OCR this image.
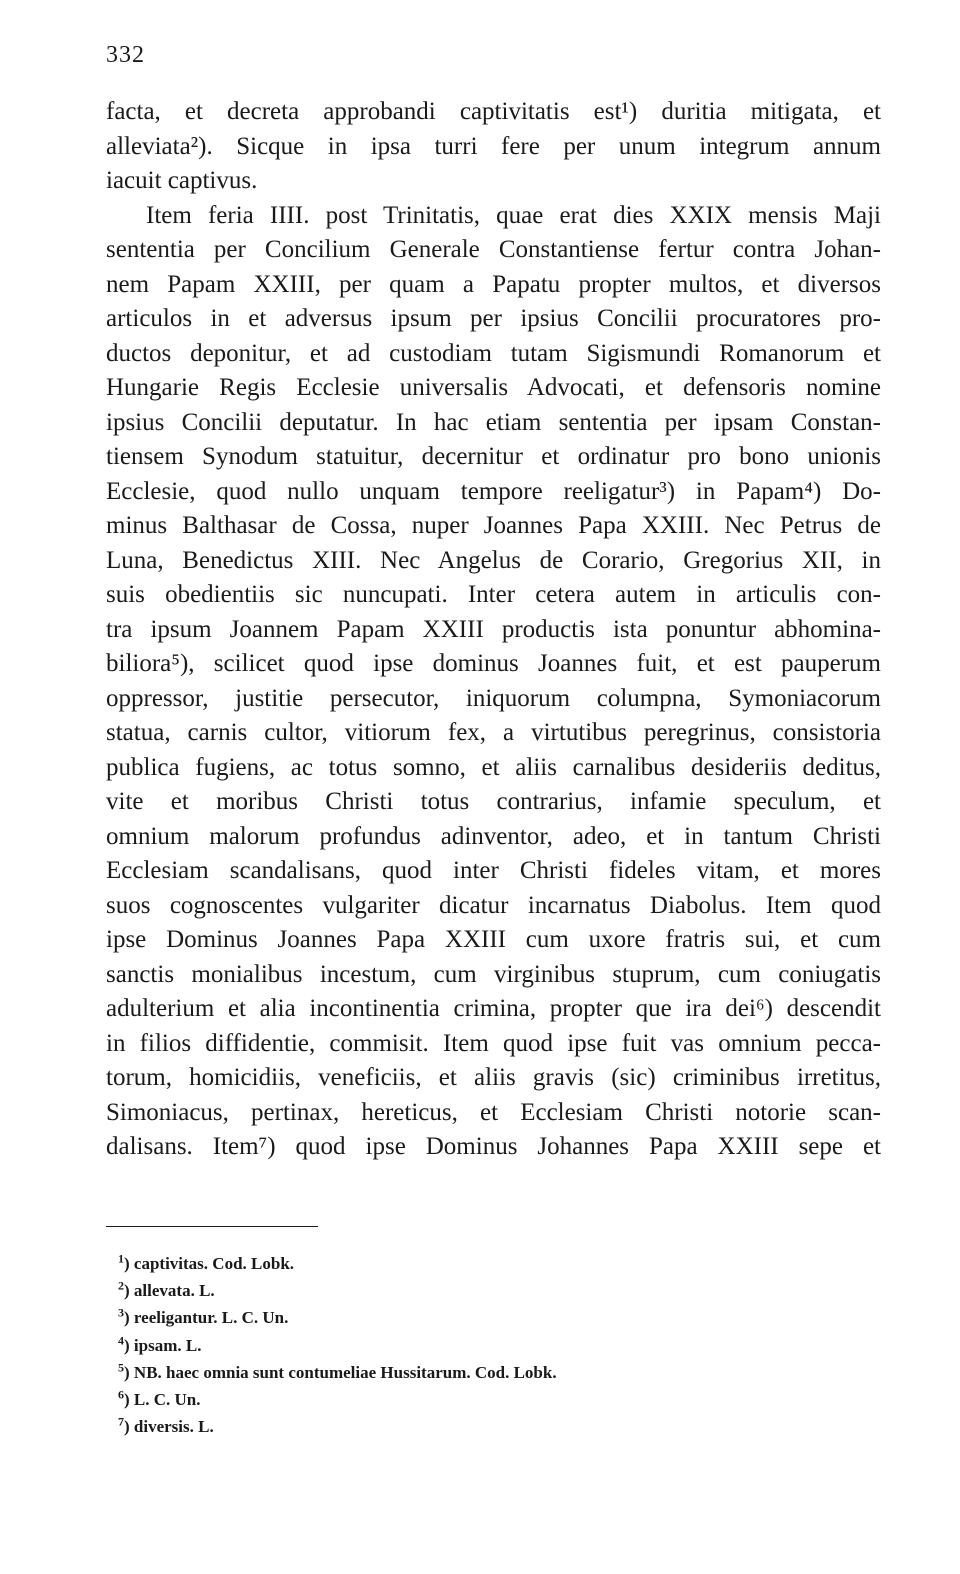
332
facta, et decreta approbandi captivitatis est¹) duritia mitigata, et
alleviata²). Sicque in ipsa turri fere per unum integrum annum
iacuit captivus.
Item feria IIII. post Trinitatis, quae erat dies XXIX mensis Maji
sententia per Concilium Generale Constantiense fertur contra Johan-
nem Papam XXIII, per quam a Papatu propter multos, et diversos
articulos in et adversus ipsum per ipsius Concilii procuratores pro-
ductos deponitur, et ad custodiam tutam Sigismundi Romanorum et
Hungarie Regis Ecclesie universalis Advocati, et defensoris nomine
ipsius Concilii deputatur. In hac etiam sententia per ipsam Constan-
tiensem Synodum statuitur, decernitur et ordinatur pro bono unionis
Ecclesie, quod nullo unquam tempore reeligatur³) in Papam⁴) Do-
minus Balthasar de Cossa, nuper Joannes Papa XXIII. Nec Petrus de
Luna, Benedictus XIII. Nec Angelus de Corario, Gregorius XII, in
suis obedientiis sic nuncupati. Inter cetera autem in articulis con-
tra ipsum Joannem Papam XXIII productis ista ponuntur abhomina-
biliora⁵), scilicet quod ipse dominus Joannes fuit, et est pauperum
oppressor, justitie persecutor, iniquorum columpna, Symoniacorum
statua, carnis cultor, vitiorum fex, a virtutibus peregrinus, consistoria
publica fugiens, ac totus somno, et aliis carnalibus desideriis deditus,
vite et moribus Christi totus contrarius, infamie speculum, et
omnium malorum profundus adinventor, adeo, et in tantum Christi
Ecclesiam scandalisans, quod inter Christi fideles vitam, et mores
suos cognoscentes vulgariter dicatur incarnatus Diabolus. Item quod
ipse Dominus Joannes Papa XXIII cum uxore fratris sui, et cum
sanctis monialibus incestum, cum virginibus stuprum, cum coniugatis
adulterium et alia incontinentia crimina, propter que ira dei⁶) descendit
in filios diffidentie, commisit. Item quod ipse fuit vas omnium pecca-
torum, homicidiis, veneficiis, et aliis gravis (sic) criminibus irretitus,
Simoniacus, pertinax, hereticus, et Ecclesiam Christi notorie scan-
dalisans. Item⁷) quod ipse Dominus Johannes Papa XXIII sepe et
$^1$) captivitas. Cod. Lobk.
$^2$) allevata. L.
$^3$) reeligantur. L. C. Un.
$^4$) ipsam. L.
$^5$) NB. haec omnia sunt contumeliae Hussitarum. Cod. Lobk.
$^6$) L. C. Un.
$^7$) diversis. L.
